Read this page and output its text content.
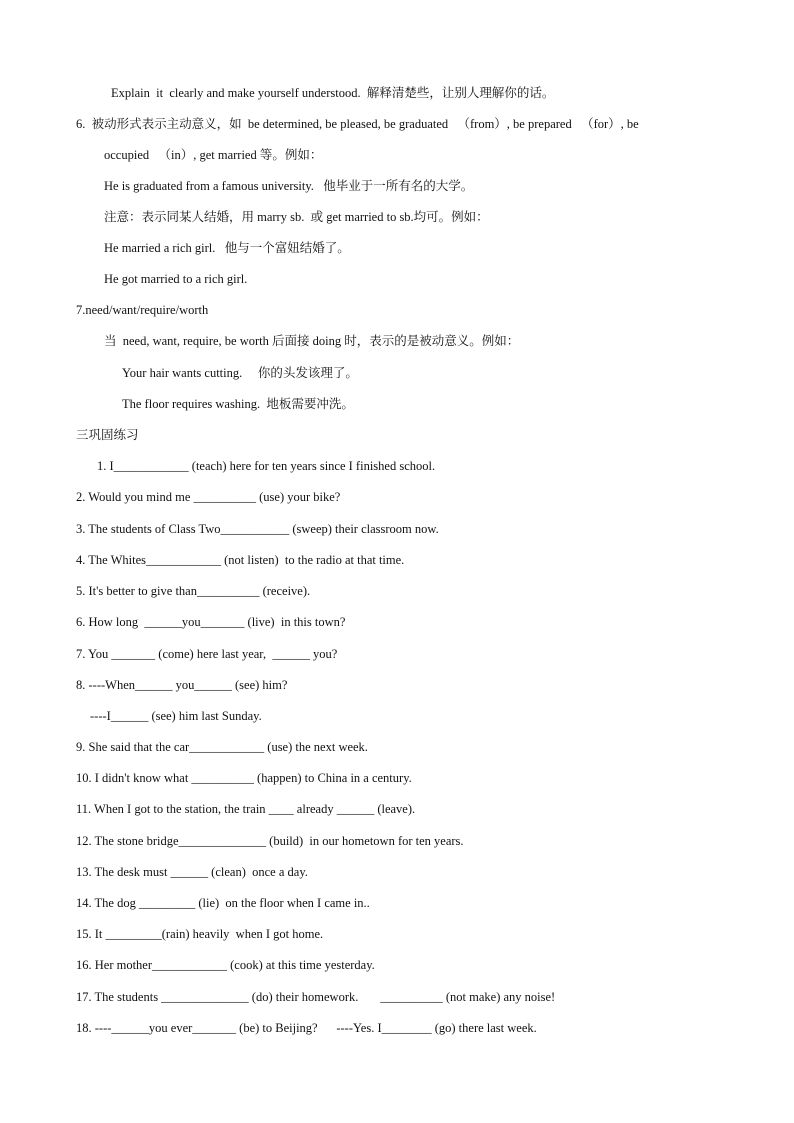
Explain  it  clearly and make yourself understood.  解释清楚些，让别人理解你的话。
6.  被动形式表示主动意义，如  be determined, be pleased, be graduated   （from）, be prepared   （for）, be
occupied   （in）, get married 等。例如：
He is graduated from a famous university.   他毕业于一所有名的大学。
注意：表示同某人结婚，用 marry sb.  或 get married to sb.均可。例如：
He married a rich girl.   他与一个富妞结婚了。
He got married to a rich girl.
7.need/want/require/worth
当  need, want, require, be worth 后面接 doing 时，表示的是被动意义。例如：
Your hair wants cutting.     你的头发该理了。
The floor requires washing.  地板需要冲洗。
三巩固练习
1. I____________ (teach) here for ten years since I finished school.
2. Would you mind me __________ (use) your bike?
3. The students of Class Two___________ (sweep) their classroom now.
4. The Whites____________ (not listen)  to the radio at that time.
5. It's better to give than__________ (receive).
6. How long  ______you_______ (live)  in this town?
7. You _______ (come) here last year,  ______ you?
8. ----When______ you______ (see) him?
----I______ (see) him last Sunday.
9. She said that the car____________ (use) the next week.
10. I didn't know what __________ (happen) to China in a century.
11. When I got to the station, the train ____ already ______ (leave).
12. The stone bridge______________ (build)  in our hometown for ten years.
13. The desk must ______ (clean)  once a day.
14. The dog _________ (lie)  on the floor when I came in..
15. It _________(rain) heavily  when I got home.
16. Her mother____________ (cook) at this time yesterday.
17. The students ______________ (do) their homework.       __________ (not make) any noise!
18. ----______you ever_______ (be) to Beijing?      ----Yes. I________ (go) there last week.
